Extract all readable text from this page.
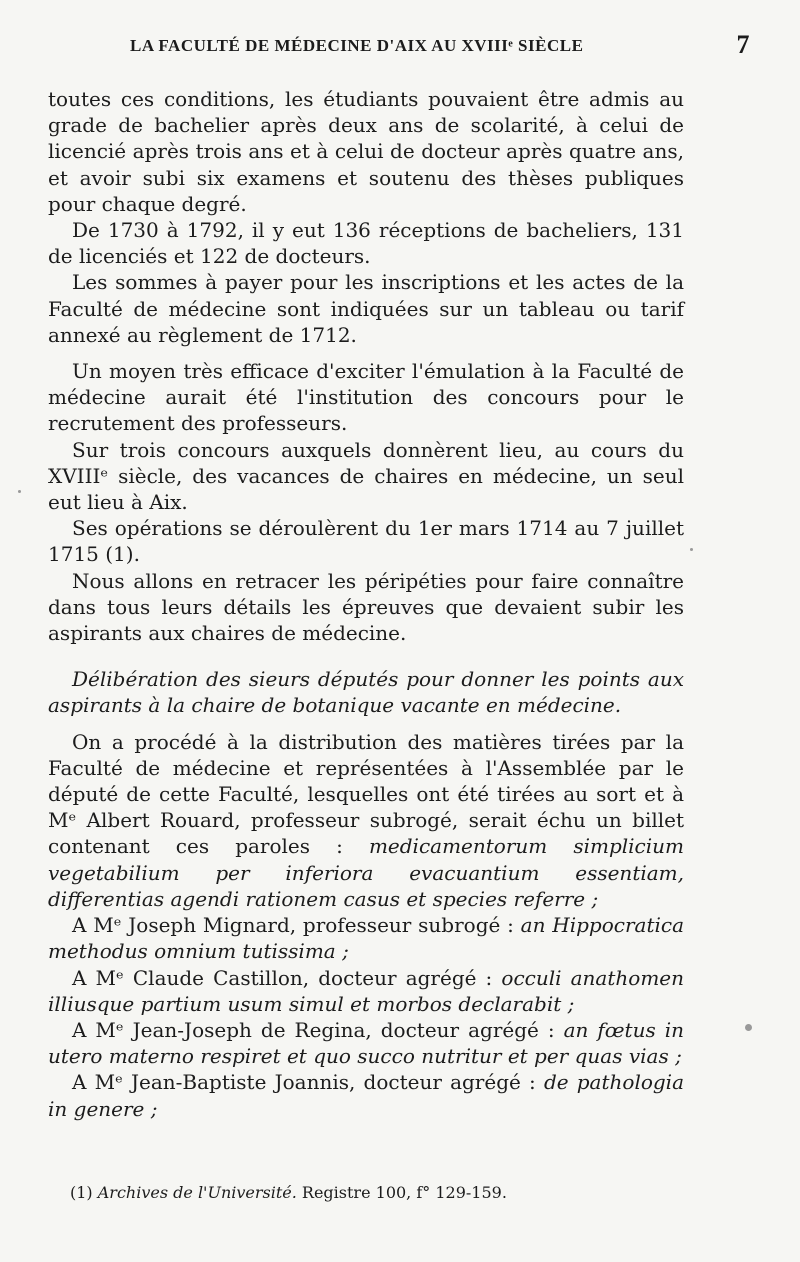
LA FACULTÉ DE MÉDECINE D'AIX AU XVIIIᵉ SIÈCLE	7

toutes ces conditions, les étudiants pouvaient être admis au grade de bachelier après deux ans de scolarité, à celui de licencié après trois ans et à celui de docteur après quatre ans, et avoir subi six examens et soutenu des thèses publiques pour chaque degré.

De 1730 à 1792, il y eut 136 réceptions de bacheliers, 131 de licenciés et 122 de docteurs.

Les sommes à payer pour les inscriptions et les actes de la Faculté de médecine sont indiquées sur un tableau ou tarif annexé au règlement de 1712.

Un moyen très efficace d'exciter l'émulation à la Faculté de médecine aurait été l'institution des concours pour le recrutement des professeurs.

Sur trois concours auxquels donnèrent lieu, au cours du XVIIIᵉ siècle, des vacances de chaires en médecine, un seul eut lieu à Aix.

Ses opérations se déroulèrent du 1er mars 1714 au 7 juillet 1715 (1).

Nous allons en retracer les péripéties pour faire connaître dans tous leurs détails les épreuves que devaient subir les aspirants aux chaires de médecine.

Délibération des sieurs députés pour donner les points aux aspirants à la chaire de botanique vacante en médecine.

On a procédé à la distribution des matières tirées par la Faculté de médecine et représentées à l'Assemblée par le député de cette Faculté, lesquelles ont été tirées au sort et à Mᵉ Albert Rouard, professeur subrogé, serait échu un billet contenant ces paroles : medicamentorum simplicium vegetabilium per inferiora evacuantium essentiam, differentias agendi rationem casus et species referre ;

A Mᵉ Joseph Mignard, professeur subrogé : an Hippocratica methodus omnium tutissima ;

A Mᵉ Claude Castillon, docteur agrégé : occuli anathomen illiusque partium usum simul et morbos declarabit ;

A Mᵉ Jean-Joseph de Regina, docteur agrégé : an fœtus in utero materno respiret et quo succo nutritur et per quas vias ;

A Mᵉ Jean-Baptiste Joannis, docteur agrégé : de pathologia in genere ;

(1) Archives de l'Université. Registre 100, f° 129-159.
